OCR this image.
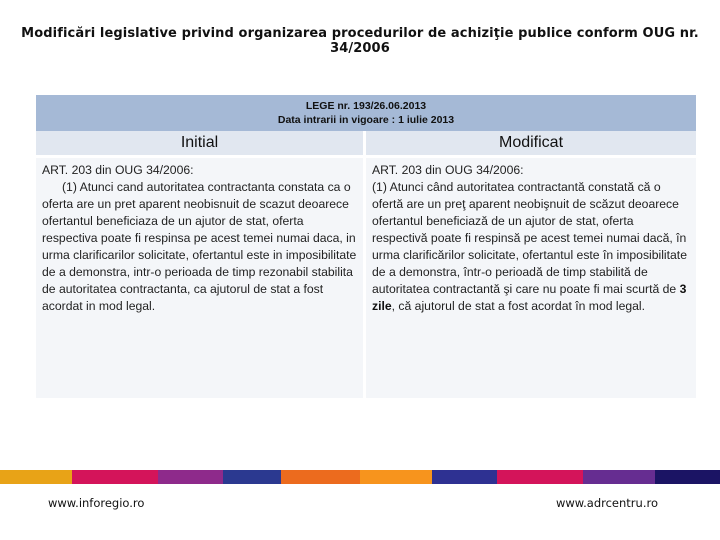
Modificări legislative privind organizarea procedurilor de achiziţie publice conform OUG nr. 34/2006
LEGE nr. 193/26.06.2013
Data intrarii in vigoare : 1 iulie 2013
Initial	Modificat
ART. 203 din OUG 34/2006:
(1) Atunci cand autoritatea contractanta constata ca o oferta are un pret aparent neobisnuit de scazut deoarece ofertantul beneficiaza de un ajutor de stat, oferta respectiva poate fi respinsa pe acest temei numai daca, in urma clarificarilor solicitate, ofertantul este in imposibilitate de a demonstra, intr-o perioada de timp rezonabil stabilita de autoritatea contractanta, ca ajutorul de stat a fost acordat in mod legal.
ART. 203 din OUG 34/2006:
(1) Atunci când autoritatea contractantă constată că o ofertă are un preţ aparent neobişnuit de scăzut deoarece ofertantul beneficiază de un ajutor de stat, oferta respectivă poate fi respinsă pe acest temei numai dacă, în urma clarificărilor solicitate, ofertantul este în imposibilitate de a demonstra, într-o perioadă de timp stabilită de autoritatea contractantă şi care nu poate fi mai scurtă de 3 zile, că ajutorul de stat a fost acordat în mod legal.
www.inforegio.ro	www.adrcentru.ro
